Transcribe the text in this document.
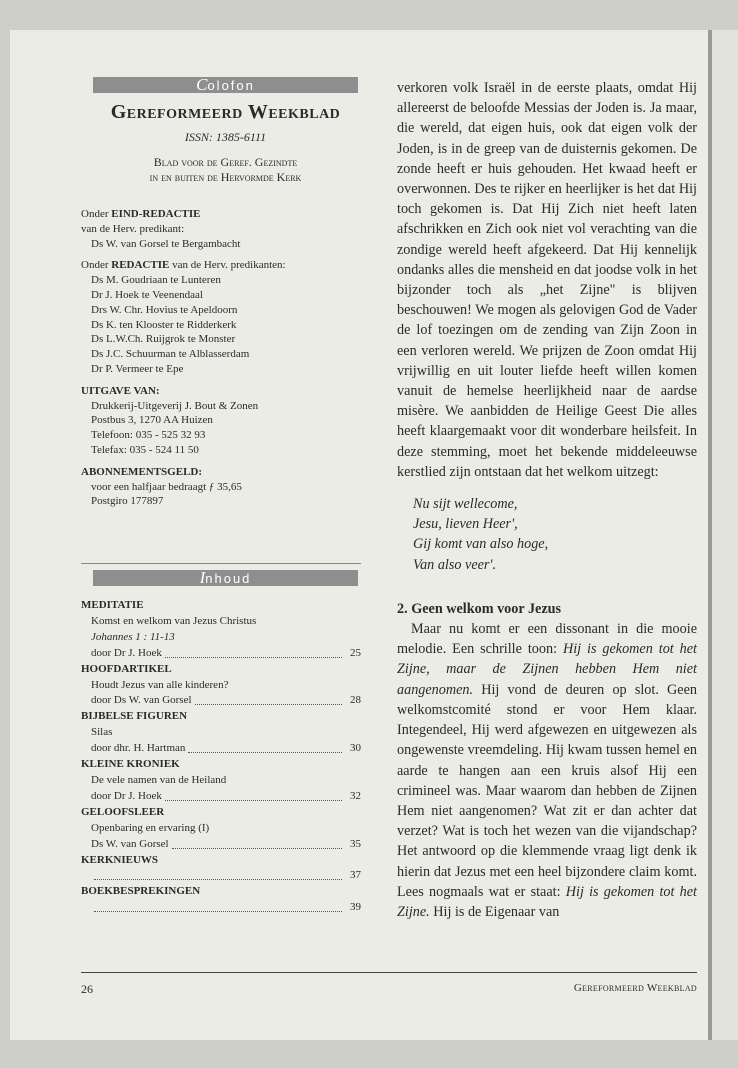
Colofon
Gereformeerd Weekblad
ISSN: 1385-6111
Blad voor de Geref. Gezindte
in en buiten de Hervormde Kerk
Onder EIND-REDACTIE
van de Herv. predikant:
Ds W. van Gorsel te Bergambacht
Onder REDACTIE van de Herv. predikanten:
Ds M. Goudriaan te Lunteren
Dr J. Hoek te Veenendaal
Drs W. Chr. Hovius te Apeldoorn
Ds K. ten Klooster te Ridderkerk
Ds L.W.Ch. Ruijgrok te Monster
Ds J.C. Schuurman te Alblasserdam
Dr P. Vermeer te Epe
UITGAVE VAN:
Drukkerij-Uitgeverij J. Bout & Zonen
Postbus 3, 1270 AA Huizen
Telefoon: 035 - 525 32 93
Telefax: 035 - 524 11 50
ABONNEMENTSGELD:
voor een halfjaar bedraagt ƒ 35,65
Postgiro 177897
Inhoud
MEDITATIE
Komst en welkom van Jezus Christus
Johannes 1 : 11-13
door Dr J. Hoek	25
HOOFDARTIKEL
Houdt Jezus van alle kinderen?
door Ds W. van Gorsel	28
BIJBELSE FIGUREN
Silas
door dhr. H. Hartman	30
KLEINE KRONIEK
De vele namen van de Heiland
door Dr J. Hoek	32
GELOOFSLEER
Openbaring en ervaring (I)
Ds W. van Gorsel	35
KERKNIEUWS
37
BOEKBESPREKINGEN
39

verkoren volk Israël in de eerste plaats, omdat Hij allereerst de beloofde Messias der Joden is. Ja maar, die wereld, dat eigen huis, ook dat eigen volk der Joden, is in de greep van de duisternis gekomen. De zonde heeft er huis gehouden. Het kwaad heeft er overwonnen. Des te rijker en heerlijker is het dat Hij toch gekomen is. Dat Hij Zich niet heeft laten afschrikken en Zich ook niet vol verachting van die zondige wereld heeft afgekeerd. Dat Hij kennelijk ondanks alles die mensheid en dat joodse volk in het bijzonder toch als „het Zijne" is blijven beschouwen! We mogen als gelovigen God de Vader de lof toezingen om de zending van Zijn Zoon in een verloren wereld. We prijzen de Zoon omdat Hij vrijwillig en uit louter liefde heeft willen komen vanuit de hemelse heerlijkheid naar de aardse misère. We aanbidden de Heilige Geest Die alles heeft klaargemaakt voor dit wonderbare heilsfeit. In deze stemming, moet het bekende middeleeuwse kerstlied zijn ontstaan dat het welkom uitzegt:

Nu sijt wellecome,
Jesu, lieven Heer',
Gij komt van also hoge,
Van also veer'.
2. Geen welkom voor Jezus

Maar nu komt er een dissonant in die mooie melodie. Een schrille toon: Hij is gekomen tot het Zijne, maar de Zijnen hebben Hem niet aangenomen. Hij vond de deuren op slot. Geen welkomstcomité stond er voor Hem klaar. Integendeel, Hij werd afgewezen en uitgewezen als ongewenste vreemdeling. Hij kwam tussen hemel en aarde te hangen aan een kruis alsof Hij een crimineel was. Maar waarom dan hebben de Zijnen Hem niet aangenomen? Wat zit er dan achter dat verzet? Wat is toch het wezen van die vijandschap? Het antwoord op die klemmende vraag ligt denk ik hierin dat Jezus met een heel bijzondere claim komt. Lees nogmaals wat er staat: Hij is gekomen tot het Zijne. Hij is de Eigenaar van

26	Gereformeerd Weekblad
